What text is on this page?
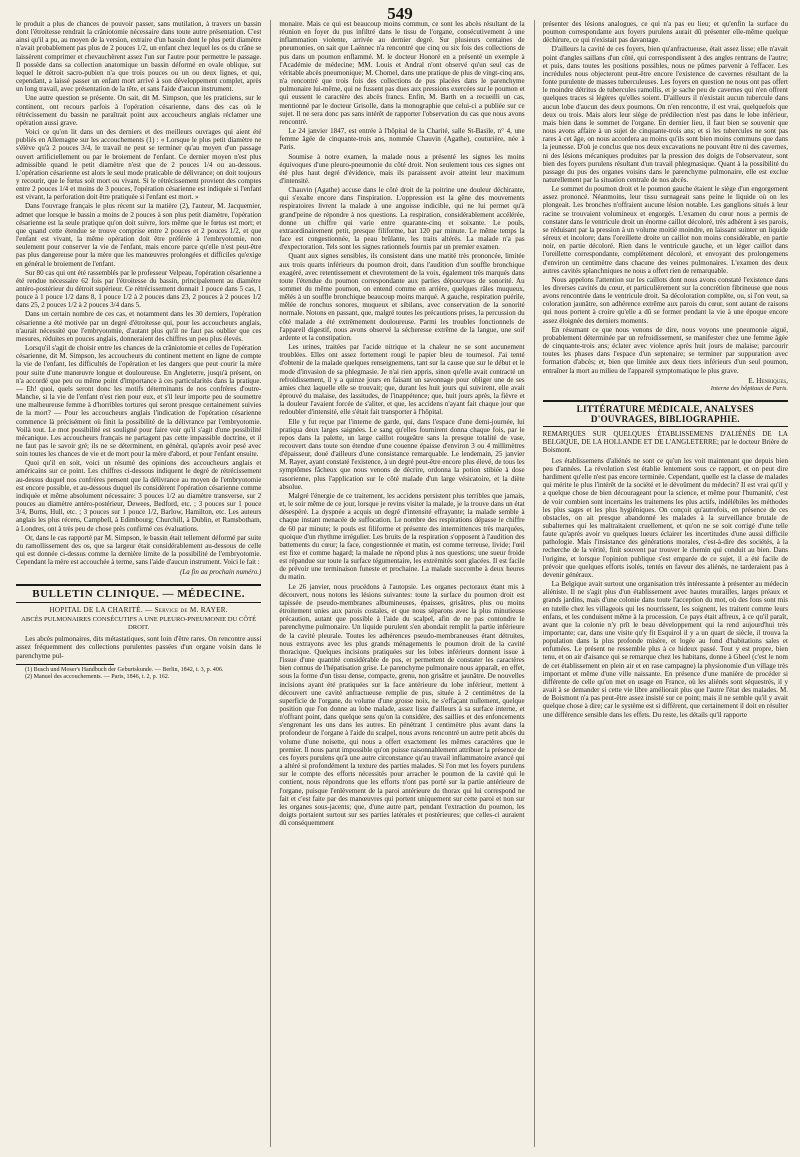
549

le produit a plus de chances de pouvoir passer, sans mutilation, à travers un bassin dont l'étroitesse rendrait la crâniotomie nécessaire dans toute autre présentation. C'est ainsi qu'il a pu, au moyen de la version, extraire d'un bassin dont le plus petit diamètre n'avait probablement pas plus de 2 pouces 1/2, un enfant chez lequel les os du crâne se laissèrent comprimer et chevauchèrent assez l'un sur l'autre pour permettre le passage. Il possède dans sa collection anatomique un bassin déformé en ovale oblique, sur lequel le détroit sacro-pubien n'a que trois pouces ou un ou deux lignes, et qui, cependant, a laissé passer un enfant mort arrivé à son développement complet, après un long travail, avec présentation de la tête, et sans l'aide d'aucun instrument.

Une autre question se présente. On sait, dit M. Simpson, que les praticiens, sur le continent, ont recours parfois à l'opération césarienne, dans des cas où le rétrécissement du bassin ne paraîtrait point aux accoucheurs anglais réclamer une opération aussi grave.

Voici ce qu'on lit dans un des derniers et des meilleurs ouvrages qui aient été publiés en Allemagne sur les accouchements (1) : « Lorsque le plus petit diamètre ne s'élève qu'à 2 pouces 3/4, le travail ne peut se terminer qu'au moyen d'un passage ouvert artificiellement ou par le broiement de l'enfant. Ce dernier moyen n'est plus admissible quand le petit diamètre n'est que de 2 pouces 1/4 ou au-dessous. L'opération césarienne est alors le seul mode praticable de délivrance; on doit toujours y recourir, que le fœtus soit mort ou vivant. Si le rétrécissement provient des comptes entre 2 pouces 1/4 et moins de 3 pouces, l'opération césarienne est indiquée si l'enfant est vivant, la perforation doit être pratiquée si l'enfant est mort. »

Dans l'ouvrage français le plus récent sur la matière (2), l'auteur, M. Jacquemier, admet que lorsque le bassin a moins de 2 pouces à son plus petit diamètre, l'opération césarienne est la seule pratique qu'on doit suivre, lors même que le fœtus est mort; et que quand cette étendue se trouve comprise entre 2 pouces et 2 pouces 1/2, et que l'enfant est vivant, la même opération doit être préférée à l'embryotomie, non seulement pour conserver la vie de l'enfant, mais encore parce qu'elle n'est peut-être pas plus dangereuse pour la mère que les manœuvres prolongées et difficiles qu'exige en général le broiement de l'enfant.

Sur 80 cas qui ont été rassemblés par le professeur Velpeau, l'opération césarienne a été rendue nécessaire 62 fois par l'étroitesse du bassin, principalement au diamètre antéro-postérieur du détroit supérieur. Ce rétrécissement donnait 1 pouce dans 5 cas, 1 pouce à 1 pouce 1/2 dans 8, 1 pouce 1/2 à 2 pouces dans 23, 2 pouces à 2 pouces 1/2 dans 25, 2 pouces 1/2 à 2 pouces 3/4 dans 5.

Dans un certain nombre de ces cas, et notamment dans les 30 derniers, l'opération césarienne a été motivée par un degré d'étroitesse qui, pour les accoucheurs anglais, n'aurait nécessité que l'embryotomie, d'autant plus qu'il ne faut pas oublier que ces mesures, réduites en pouces anglais, donneraient des chiffres un peu plus élevés.

Lorsqu'il s'agit de choisir entre les chances de la crâniotomie et celles de l'opération césarienne, dit M. Simpson, les accoucheurs du continent mettent en ligne de compte la vie de l'enfant, les difficultés de l'opération et les dangers que peut courir la mère pour suite d'une manœuvre longue et douloureuse. En Angleterre, jusqu'à présent, on n'a accordé que peu ou même point d'importance à ces particularités dans la pratique. — Eh! quoi, quels seront donc les motifs déterminants de nos confrères d'outre-Manche, si la vie de l'enfant n'est rien pour eux, et s'il leur importe peu de soumettre une malheureuse femme à d'horribles tortures qui seront presque certainement suivies de la mort? — Pour les accoucheurs anglais l'indication de l'opération césarienne commence là précisément où finit la possibilité de la délivrance par l'embryotomie. Voilà tout. Le mot possibilité est souligné pour faire voir qu'il s'agit d'une possibilité mécanique. Les accoucheurs français ne partagent pas cette impassible doctrine, et il ne faut pas le savoir gré; ils ne se déterminent, en général, qu'après avoir pesé avec soin toutes les chances de vie et de mort pour la mère d'abord, et pour l'enfant ensuite.

Quoi qu'il en soit, voici un résumé des opinions des accoucheurs anglais et américains sur ce point. Les chiffres ci-dessous indiquent le degré de rétrécissement au-dessus duquel nos confrères pensent que la délivrance au moyen de l'embryotomie est encore possible, et au-dessous duquel ils considèrent l'opération césarienne comme indiquée et même absolument nécessaire: 3 pouces 1/2 au diamètre transverse, sur 2 pouces au diamètre antéro-postérieur, Dewees, Bedford, etc. ; 3 pouces sur 1 pouce 3/4, Burns, Hull, etc. ; 3 pouces sur 1 pouce 1/2, Barlow, Hamilton, etc. Les auteurs anglais les plus récens, Campbell, à Edimbourg; Churchill, à Dublin, et Ramsbotham, à Londres, ont à très peu de chose près confirmé ces évaluations.

Or, dans le cas rapporté par M. Simpson, le bassin était tellement déformé par suite du ramollissement des os, que sa largeur était considérablement au-dessous de celle qui est donnée ci-dessus comme la dernière limite de la possibilité de l'embryotomie. Cependant la mère est accouchée à terme, sans l'aide d'aucun instrument. Voici le fait :

(La fin au prochain numéro.)
BULLETIN CLINIQUE. — MÉDECINE.
HOPITAL DE LA CHARITÉ. — Service de M. RAYER.
ABCÈS PULMONAIRES CONSÉCUTIFS A UNE PLEURO-PNEUMONIE DU CÔTÉ DROIT.

Les abcès pulmonaires, dits métastatiques, sont loin d'être rares. On rencontre aussi assez fréquemment des collections purulentes passées d'un organe voisin dans le parenchyme pul-

(1) Busch und Moser's Handbuch der Geburtskunde. — Berlin, 1842, t. 3, p. 406.

(2) Manuel des accouchements. — Paris, 1846, t. 2, p. 162.

monaire. Mais ce qui est beaucoup moins commun, ce sont les abcès résultant de la réunion en foyer du pus infiltré dans le tissu de l'organe, consécutivement à une inflammation violente, arrivée au dernier degré. Sur plusieurs centaines de pneumonies, on sait que Laënnec n'a rencontré que cinq ou six fois des collections de pus dans un poumon enflammé. M. le docteur Honoré en a présenté un exemple à l'Académie de médecine; MM. Louis et Andral n'ont observé qu'un seul cas de véritable abcès pneumonique; M. Chomel, dans une pratique de plus de vingt-cinq ans, n'a rencontré que trois fois des collections de pus placées dans le parenchyme pulmonaire lui-même, qui ne fussent pas dues aux pressions exercées sur le poumon et qui eussent le caractère des abcès francs. Enfin, M. Barth en a recueilli un cas, mentionné par le docteur Grisolle, dans la monographie que celui-ci a publiée sur ce sujet. Il ne sera donc pas sans intérêt de rapporter l'observation du cas que nous avons rencontré.

Le 24 janvier 1847, est entrée à l'hôpital de la Charité, salle St-Basile, n° 4, une femme âgée de cinquante-trois ans, nommée Chauvin (Agathe), couturière, née à Paris.

Soumise à notre examen, la malade nous a présenté les signes les moins équivoques d'une pleuro-pneumonie du côté droit. Non seulement tous ces signes ont été plus haut degré d'évidence, mais ils paraissent avoir atteint leur maximum d'intensité.

Chauvin (Agathe) accuse dans le côté droit de la poitrine une douleur déchirante, qui s'exalte encore dans l'inspiration. L'oppression est la gêne des mouvements respiratoires livrent la malade à une angoisse indicible, qui ne lui permet qu'à grand'peine de répondre à nos questions. La respiration, considérablement accélérée, donne un chiffre qui varie entre quarante-cinq et soixante. Le pouls, extraordinairement petit, presque filiforme, bat 120 par minute. Le même temps la face est congestionnée, la peau brûlante, les traits altérés. La malade n'a pas d'expectoration. Tels sont les signes rationnels fournis par un premier examen.

Quant aux signes sensibles, ils consistent dans une matité très prononcée, limitée aux trois quarts inférieurs du poumon droit, dans l'audition d'un souffle bronchique exagéré, avec retentissement et chevrotement de la voix, également très marqués dans toute l'étendue du poumon correspondante aux parties dépourvues de sonorité. Au sommet du même poumon, on entend comme en arrière, quelques râles muqueux, mêlés à un souffle bronchique beaucoup moins marqué. A gauche, respiration puérile, mêlée de ronchus sonores, muqueux et sibilans, avec conservation de la sonorité normale. Notons en passant, que, malgré toutes les précautions prises, la percussion du côté malade a été extrêmement douloureuse. Parmi les troubles fonctionnels de l'appareil digestif, nous avons observé la sécheresse extrême de la langue, une soif ardente et la constipation.

Les urines, traitées par l'acide nitrique et la chaleur ne se sont aucunement troublées. Elles ont assez fortement rougi le papier bleu de tournesol. J'ai tenté d'obtenir de la malade quelques renseignemens, tant sur la cause que sur le début et le mode d'invasion de sa phlegmasie. Je n'ai rien appris, sinon qu'elle avait contracté un refroidissement, il y a quinze jours en faisant un savonnage pour obliger une de ses amies chez laquelle elle se trouvait; que, durant les huit jours qui suivirent, elle avait éprouvé du malaise, des lassitudes, de l'inappétence; que, huit jours après, la fièvre et la douleur l'avaient forcée de s'aliter, et que, les accidens n'ayant fait chaque jour que redoubler d'intensité, elle s'était fait transporter à l'hôpital.

Elle y fut reçue par l'interne de garde, qui, dans l'espace d'une demi-journée, lui pratiqua deux larges saignées. Le sang qu'elles fournirent donna chaque fois, par le repos dans la palette, un large caillot rougeâtre sans la presque totalité de vase, recouvert dans toute son étendue d'une couenne épaisse d'environ 3 ou 4 millimètres d'épaisseur, doué d'ailleurs d'une consistance remarquable. Le lendemain, 25 janvier M. Rayer, ayant constaté l'existence, à un degré peut-être encore plus élevé, de tous les symptômes fâcheux que nous venons de décrire, ordonna la potion stibiée à dose rasorienne, plus l'application sur le côté malade d'un large vésicatoire, et la diète absolue.

Malgré l'énergie de ce traitement, les accidens persistent plus terribles que jamais, et, le soir même de ce jour, lorsque je revins visiter la malade, je la trouve dans un état désespéré. La dyspnée a acquis un degré d'intensité effrayante; la malade semble à chaque instant menacée de suffocation. Le nombre des respirations dépasse le chiffre de 60 par minute; le pouls est filiforme et présente des intermittences très marquées, quoique d'un rhythme irrégulier. Les bruits de la respiration s'opposent à l'audition des battements du cœur; la face, congestionnée et matin, est comme terreuse, livide; l'œil est fixe et comme hagard; la malade ne répond plus à nos questions; une sueur froide est répandue sur toute la surface tégumentaire, les extrémités sont glacées. Il est facile de prévoir une terminaison funeste et prochaine. La malade succombe à deux heures du matin.

Le 26 janvier, nous procédons à l'autopsie. Les organes pectoraux étant mis à découvert, nous notons les lésions suivantes: toute la surface du poumon droit est tapissée de pseudo-membranes albumineuses, épaisses, grisâtres, plus ou moins étroitement unies aux parois costales, et que nous séparons avec la plus minutieuse précaution, autant que possible à l'aide du scalpel, afin de ne pas contondre le parenchyme pulmonaire. Un liquide purulent s'en abondait remplit la partie inférieure de la cavité pleurale. Toutes les adhérences pseudo-membraneuses étant détruites, nous extrayons avec les plus grands ménagements le poumon droit de la cavité thoracique. Quelques incisions pratiquées sur les lobes inférieurs donnent issue à l'issue d'une quantité considérable de pus, et permettent de constater les caractères bien connus de l'hépatisation grise. Le parenchyme pulmonaire nous apparaît, en effet, sous la forme d'un tissu dense, compacte, grenu, non grisâtre et jaunâtre. De nouvelles incisions ayant été pratiquées sur la face antérieure du lobe inférieur, mettent à découvert une cavité anfractueuse remplie de pus, située à 2 centimètres de la superficie de l'organe, du volume d'une grosse noix, ne s'effaçant nullement, quelque position que l'on donne au lobe malade, assez lisse d'ailleurs à sa surface interne, et n'offrant point, dans quelque sens qu'on la considère, des saillies et des enfoncements s'engrenant les uns dans les autres. En pénétrant 1 centimètre plus avant dans la profondeur de l'organe à l'aide du scalpel, nous avons rencontré un autre petit abcès du volume d'une noisette, qui nous a offert exactement les mêmes caractères que le premier. Il nous parut impossible qu'on puisse raisonnablement attribuer la présence de ces foyers purulens qu'à une autre circonstance qu'au travail inflammatoire avancé qui a altéré si profondément la texture des parties malades. Si l'on met les foyers purulens sur le compte des efforts nécessités pour arracher le poumon de la cavité qui le contient, nous répondrons que les efforts n'ont pas porté sur la partie antérieure de l'organe, puisque l'enlèvement de la paroi antérieure du thorax qui lui correspond ne fait et c'est faite par des manœuvres qui portent uniquement sur cette paroi et non sur les organes sous-jacents; que, d'une autre part, pendant l'extraction du poumon, les doigts portaient surtout sur ses parties latérales et postérieures; que celles-ci auraient dû conséquemment

présenter des lésions analogues, ce qui n'a pas eu lieu; et qu'enfin la surface du poumon correspondante aux foyers purulens aurait dû présenter elle-même quelque déchirure, ce qui n'existait pas davantage.

D'ailleurs la cavité de ces foyers, bien qu'anfractueuse, était assez lisse; elle n'avait point d'angles saillans d'un côté, qui correspondissent à des angles rentrans de l'autre; et puis, dans toutes les positions possibles, nous ne pûmes parvenir à l'effacer. Les incrédules nous objecteront peut-être encore l'existence de cavernes résultant de la fonte purulente de masses tuberculeuses. Les foyers en question ne nous ont pas offert le moindre détritus de tubercules ramollis, et je sache peu de cavernes qui n'en offrent quelques traces si légères qu'elles soient. D'ailleurs il n'existait aucun tubercule dans aucun lobe d'aucun des deux poumons. On n'en rencontre, il est vrai, quelquefois que deux ou trois. Mais alors leur siège de prédilection n'est pas dans le lobe inférieur, mais bien dans le sommet de l'organe. En dernier lieu, il faut bien se souvenir que nous avons affaire à un sujet de cinquante-trois ans; et si les tubercules ne sont pas rares à cet âge, on nous accordera au moins qu'ils sont bien moins communs que dans la jeunesse. D'où je conclus que nos deux excavations ne pouvant être ni des cavernes, ni des lésions mécaniques produites par la pression des doigts de l'observateur, sont bien des foyers purulens résultant d'un travail phlegmasique. Quant à la possibilité du passage du pus des organes voisins dans le parenchyme pulmonaire, elle est exclue naturellement par la situation centrale de nos abcès.

Le sommet du poumon droit et le poumon gauche étaient le siège d'un engorgement assez prononcé. Néanmoins, leur tissu surnageait sans peine le liquide où on les plongeait. Les bronches n'offraient aucune lésion notable. Les ganglions situés à leur racine se trouvaient volumineux et engorgés. L'examen du cœur nous a permis de constater dans le ventricule droit un énorme caillot décoloré, très adhérent à ses parois, se réduisant par la pression à un volume moitié moindre, en laissant suinter un liquide séreux et incolore; dans l'oreillette droite un caillot non moins considérable, en partie noir, en partie décoloré. Rien dans le ventricule gauche, et un léger caillot dans l'oreillette correspondante, complètement décoloré, et envoyant des prolongemens d'environ un centimètre dans chacune des veines pulmonaires. L'examen des deux autres cavités splanchniques ne nous a offert rien de remarquable.

Nous appelons l'attention sur les caillots dont nous avons constaté l'existence dans les diverses cavités du cœur, et particulièrement sur la concrétion fibrineuse que nous avons rencontrée dans le ventricule droit. Sa décoloration complète, ou, si l'on veut, sa coloration jaunâtre, son adhérence extrême aux parois du cœur, sont autant de raisons qui nous portent à croire qu'elle a dû se former pendant la vie à une époque encore assez éloignée des derniers moments.

En résumant ce que nous venons de dire, nous voyons une pneumonie aiguë, probablement déterminée par un refroidissement, se manifester chez une femme âgée de cinquante-trois ans; éclater avec violence après huit jours de malaise; parcourir toutes les phases dans l'espace d'un septenaire; se terminer par suppuration avec formation d'abcès; et, bien que limitée aux deux tiers inférieurs d'un seul poumon, entraîner la mort au milieu de l'appareil symptomatique le plus grave.

E. Henriques,
Interne des hôpitaux de Paris.
LITTÉRATURE MÉDICALE, ANALYSES D'OUVRAGES, BIBLIOGRAPHIE.
REMARQUES SUR QUELQUES ÉTABLISSEMENS D'ALIÉNÉS DE LA BELGIQUE, DE LA HOLLANDE ET DE L'ANGLETERRE; par le docteur Brière de Boismont.

Les établissemens d'aliénés ne sont ce qu'un les voit maintenant que depuis bien peu d'années. La révolution s'est établie lentement sous ce rapport, et on peut dire hardiment qu'elle n'est pas encore terminée. Cependant, quelle est la classe de malades qui mérite le plus l'intérêt de la société et le dévoûment du médecin? Il est vrai qu'il y a quelque chose de bien décourageant pour la science, et même pour l'humanité, c'est de voir combien sont incertains les traitemens les plus actifs, indélébiles les méthodes les plus sages et les plus hygiéniques. On conçoit qu'autrefois, en présence de ces obstacles, on ait presque abandonné les malades à la surveillance brutale de subalternes qui les maltraitaient cruellement, et qu'on ne se soit corrigé d'une telle faute qu'après avoir vu quelques lueurs éclairer les incertitudes d'une aussi difficile pathologie. Mais l'insistance des générations morales, c'est-à-dire des sociétés, à la recherche de la vérité, finit souvent par trouver le chemin qui conduit au bien. Dans l'origine, et lorsque l'opinion publique s'est emparée de ce sujet, il a été facile de prévoir que quelques efforts isolés, tentés en faveur des aliénés, ne tarderaient pas à devenir généraux.

La Belgique avait surtout une organisation très intéressante à présenter au médecin aliéniste. Il ne s'agit plus d'un établissement avec hautes murailles, larges préaux et grands jardins, mais d'une colonie dans toute l'acception du mot, où des fous sont mis en tutelle chez les villageois qui les nourrissent, les soignent, les traitent comme leurs enfans, et les conduisent même à la procession. Ce pays était affreux, à ce qu'il paraît, avant que la colonie n'y prît le beau développement qui la rend aujourd'hui très importante; car, dans une visite qu'y fit Esquirol il y a un quart de siècle, il trouva la population dans la plus profonde misère, et logée au fond d'habitations sales et enfumées. Le présent ne ressemble plus à ce hideux passé. Tout y est propre, bien tenu, et on air d'aisance qui se remarque chez les habitans, donne à Gheel (c'est le nom de cet établissement en plein air et en rase campagne) la physionomie d'un village très important et même d'une ville naissante. En présence d'une manière de procéder si différente de celle qu'on met en usage en France, où les aliénés sont séquestrés, il y avait à se demander si cette vie libre améliorait plus que l'autre l'état des malades. M. de Boismont n'a pas peut-être assez insisté sur ce point; mais il ne semble qu'il y avait quelque chose à dire; car le système est si différent, que certainement il doit en résulter une différence sensible dans les effets. Du reste, les détails qu'il rapporte
